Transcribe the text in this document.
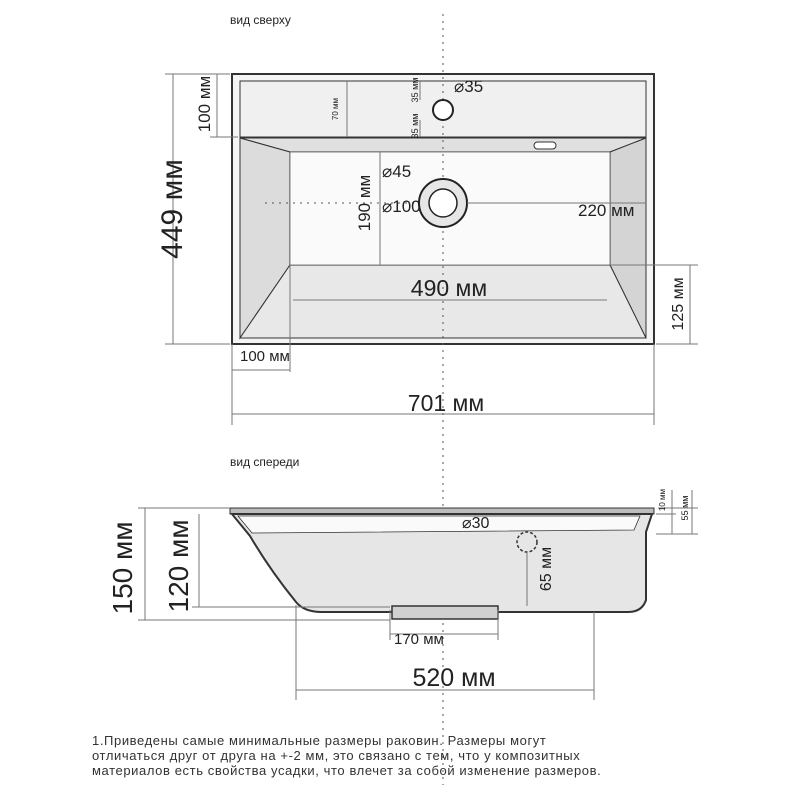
вид сверху
449 мм
100 мм	70 мм
35 мм
35 мм
⌀35
⌀45
⌀100
190 мм	220 мм
490 мм	125 мм
100 мм
701 мм
вид спереди
150 мм 120 мм	⌀30
65 мм
10 мм 55 мм
170 мм
520 мм
1.Приведены самые минимальные размеры раковин. Размеры могут
отличаться друг от друга на +-2 мм, это связано с тем, что у композитных
материалов есть свойства усадки, что влечет за собой изменение размеров.
